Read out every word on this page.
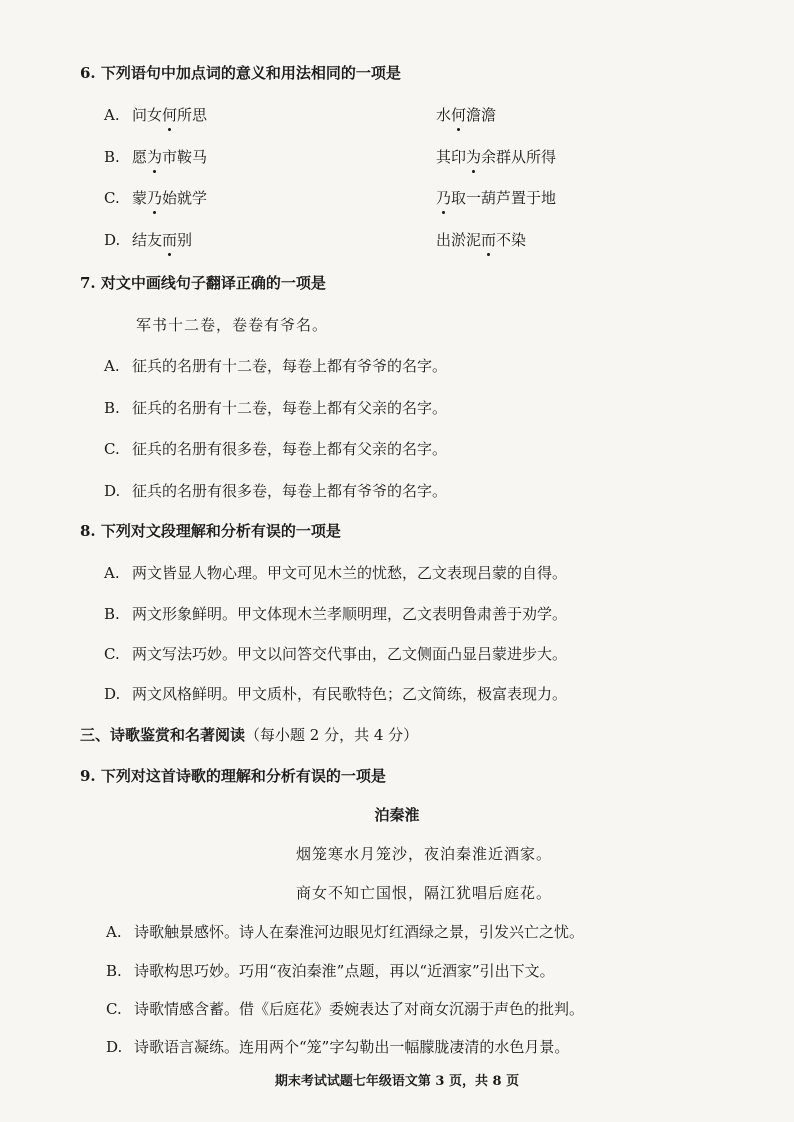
6. 下列语句中加点词的意义和用法相同的一项是
A. 问女何所思	水何澹澹
B. 愿为市鞍马	其印为余群从所得
C. 蒙乃始就学	乃取一葫芦置于地
D. 结友而别	出淤泥而不染
7. 对文中画线句子翻译正确的一项是
军书十二卷，卷卷有爷名。
A. 征兵的名册有十二卷，每卷上都有爷爷的名字。
B. 征兵的名册有十二卷，每卷上都有父亲的名字。
C. 征兵的名册有很多卷，每卷上都有父亲的名字。
D. 征兵的名册有很多卷，每卷上都有爷爷的名字。
8. 下列对文段理解和分析有误的一项是
A. 两文皆显人物心理。甲文可见木兰的忧愁，乙文表现吕蒙的自得。
B. 两文形象鲜明。甲文体现木兰孝顺明理，乙文表明鲁肃善于劝学。
C. 两文写法巧妙。甲文以问答交代事由，乙文侧面凸显吕蒙进步大。
D. 两文风格鲜明。甲文质朴，有民歌特色；乙文简练，极富表现力。
三、诗歌鉴赏和名著阅读（每小题 2 分，共 4 分）
9. 下列对这首诗歌的理解和分析有误的一项是
泊秦淮
烟笼寒水月笼沙，夜泊秦淮近酒家。
商女不知亡国恨，隔江犹唱后庭花。
A. 诗歌触景感怀。诗人在秦淮河边眼见灯红酒绿之景，引发兴亡之忧。
B. 诗歌构思巧妙。巧用“夜泊秦淮”点题，再以“近酒家”引出下文。
C. 诗歌情感含蓄。借《后庭花》委婉表达了对商女沉溺于声色的批判。
D. 诗歌语言凝练。连用两个“笼”字勾勒出一幅朦胧凄清的水色月景。
期末考试试题七年级语文第 3 页，共 8 页
